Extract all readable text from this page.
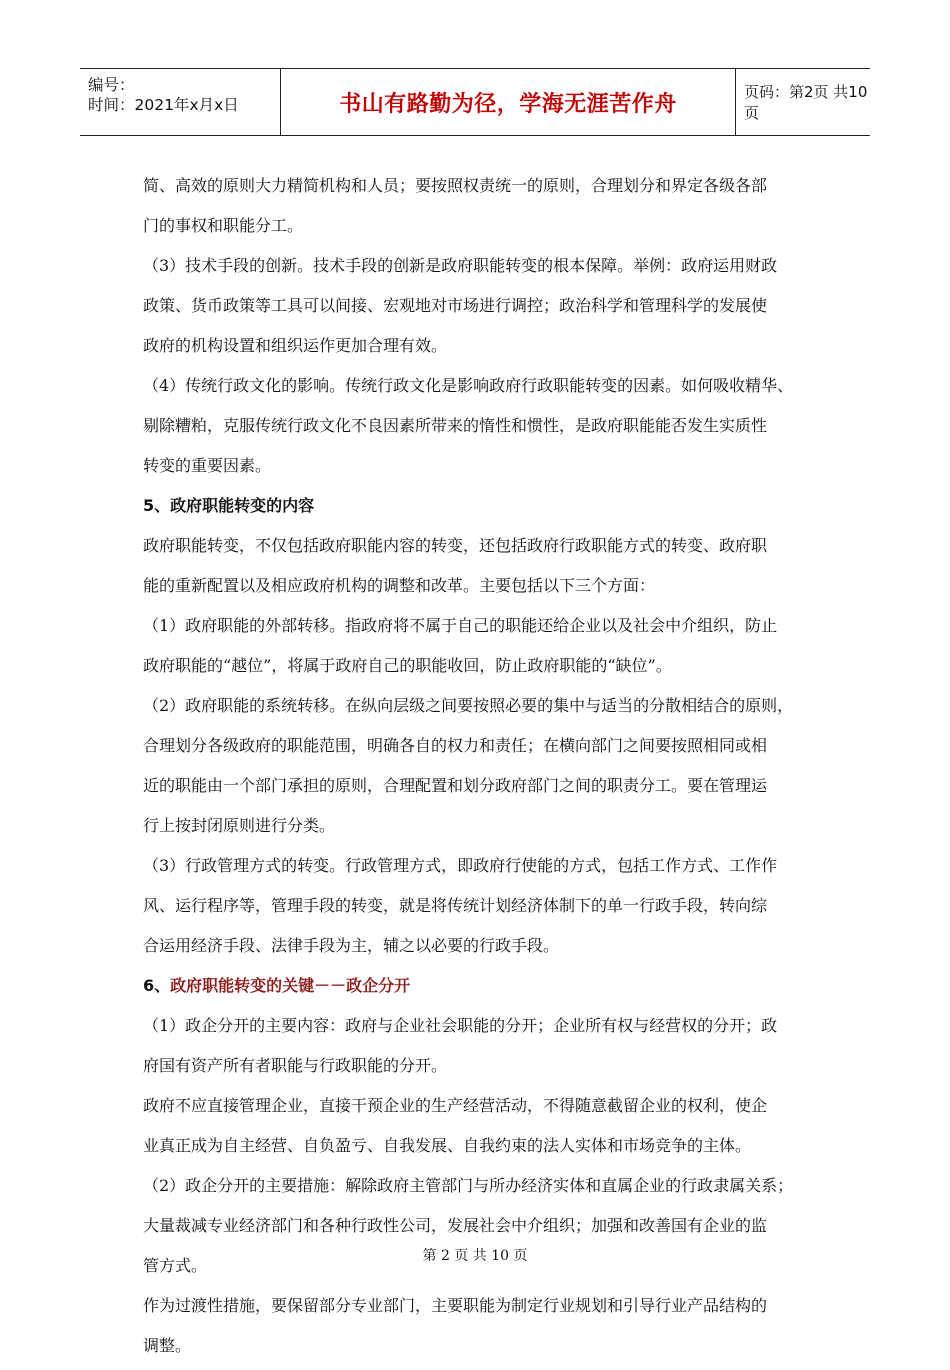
编号：
时间：2021年x月x日	书山有路勤为径，学海无涯苦作舟	页码：第2页 共10页
简、高效的原则大力精简机构和人员；要按照权责统一的原则，合理划分和界定各级各部
门的事权和职能分工。
（3）技术手段的创新。技术手段的创新是政府职能转变的根本保障。举例：政府运用财政
政策、货币政策等工具可以间接、宏观地对市场进行调控；政治科学和管理科学的发展使
政府的机构设置和组织运作更加合理有效。
（4）传统行政文化的影响。传统行政文化是影响政府行政职能转变的因素。如何吸收精华、
剔除糟粕，克服传统行政文化不良因素所带来的惰性和惯性，是政府职能能否发生实质性
转变的重要因素。
5、政府职能转变的内容
政府职能转变，不仅包括政府职能内容的转变，还包括政府行政职能方式的转变、政府职
能的重新配置以及相应政府机构的调整和改革。主要包括以下三个方面：
（1）政府职能的外部转移。指政府将不属于自己的职能还给企业以及社会中介组织，防止
政府职能的“越位”，将属于政府自己的职能收回，防止政府职能的“缺位”。
（2）政府职能的系统转移。在纵向层级之间要按照必要的集中与适当的分散相结合的原则，
合理划分各级政府的职能范围，明确各自的权力和责任；在横向部门之间要按照相同或相
近的职能由一个部门承担的原则，合理配置和划分政府部门之间的职责分工。要在管理运
行上按封闭原则进行分类。
（3）行政管理方式的转变。行政管理方式，即政府行使能的方式，包括工作方式、工作作
风、运行程序等，管理手段的转变，就是将传统计划经济体制下的单一行政手段，转向综
合运用经济手段、法律手段为主，辅之以必要的行政手段。
6、政府职能转变的关键－－政企分开
（1）政企分开的主要内容：政府与企业社会职能的分开；企业所有权与经营权的分开；政
府国有资产所有者职能与行政职能的分开。
政府不应直接管理企业，直接干预企业的生产经营活动，不得随意截留企业的权利，使企
业真正成为自主经营、自负盈亏、自我发展、自我约束的法人实体和市场竞争的主体。
（2）政企分开的主要措施：解除政府主管部门与所办经济实体和直属企业的行政隶属关系；
大量裁减专业经济部门和各种行政性公司，发展社会中介组织；加强和改善国有企业的监
管方式。
作为过渡性措施，要保留部分专业部门，主要职能为制定行业规划和引导行业产品结构的
调整。
第 2 页 共 10 页
